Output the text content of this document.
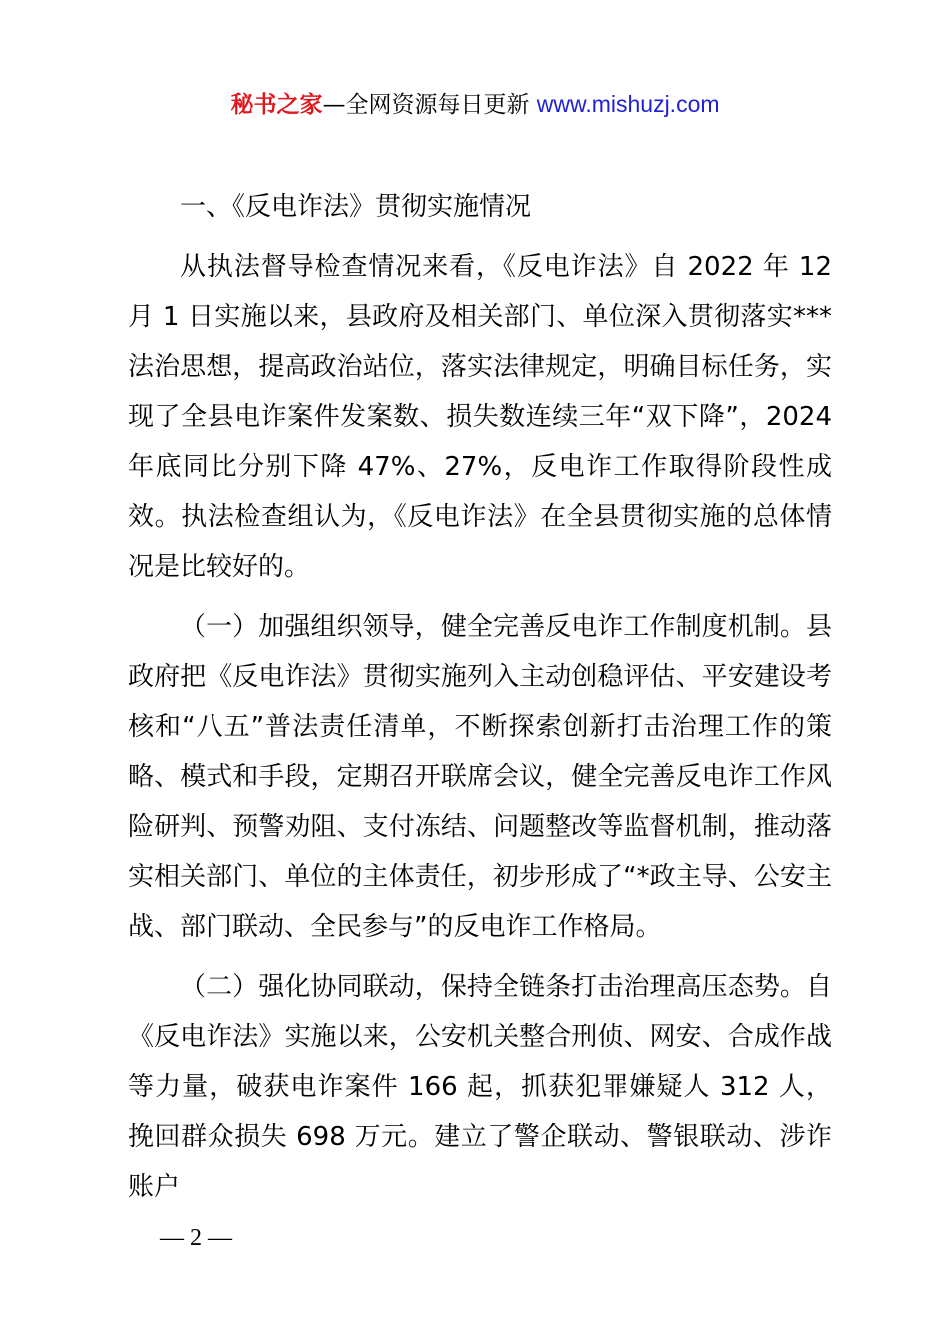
秘书之家—全网资源每日更新 www.mishuzj.com

一、《反电诈法》贯彻实施情况

从执法督导检查情况来看，《反电诈法》自 2022 年 12 月 1 日实施以来，县政府及相关部门、单位深入贯彻落实***法治思想，提高政治站位，落实法律规定，明确目标任务，实现了全县电诈案件发案数、损失数连续三年“双下降”，2024 年底同比分别下降 47%、27%，反电诈工作取得阶段性成效。执法检查组认为，《反电诈法》在全县贯彻实施的总体情况是比较好的。

（一）加强组织领导，健全完善反电诈工作制度机制。县政府把《反电诈法》贯彻实施列入主动创稳评估、平安建设考核和“八五”普法责任清单，不断探索创新打击治理工作的策略、模式和手段，定期召开联席会议，健全完善反电诈工作风险研判、预警劝阻、支付冻结、问题整改等监督机制，推动落实相关部门、单位的主体责任，初步形成了“*政主导、公安主战、部门联动、全民参与”的反电诈工作格局。

（二）强化协同联动，保持全链条打击治理高压态势。自《反电诈法》实施以来，公安机关整合刑侦、网安、合成作战等力量，破获电诈案件 166 起，抓获犯罪嫌疑人 312 人，挽回群众损失 698 万元。建立了警企联动、警银联动、涉诈账户

— 2 —
